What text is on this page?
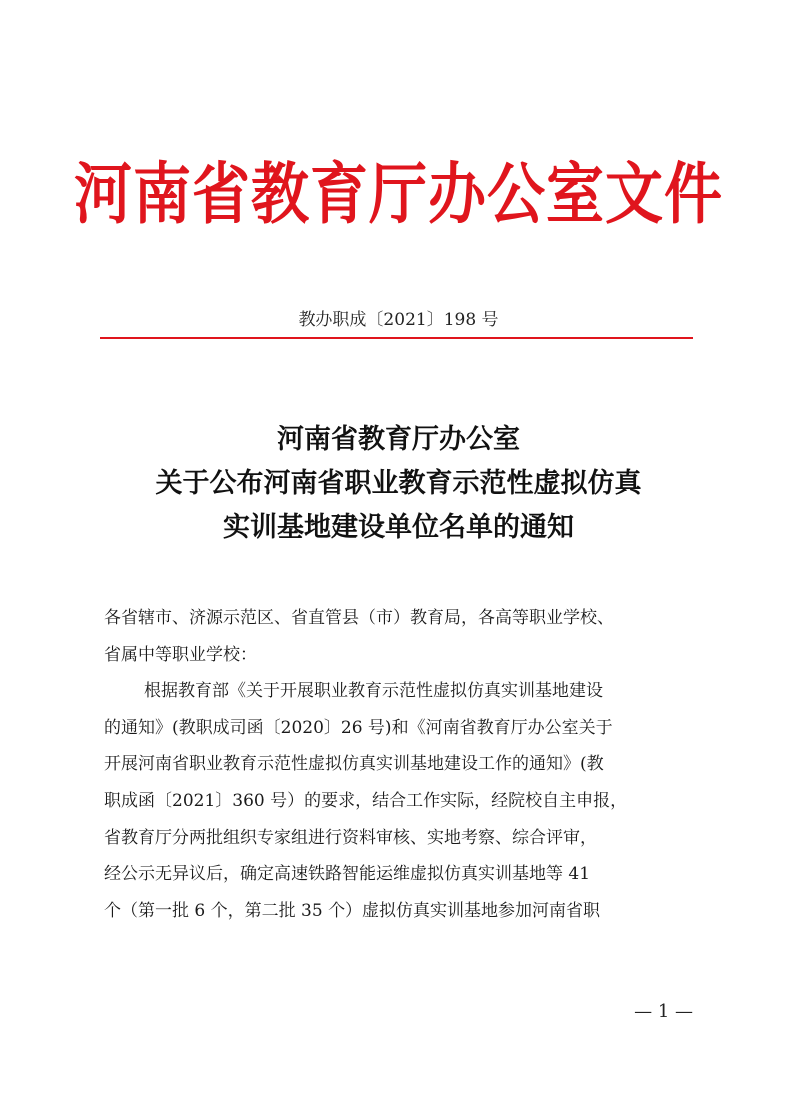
河南省教育厅办公室文件
教办职成〔2021〕198 号
河南省教育厅办公室
关于公布河南省职业教育示范性虚拟仿真
实训基地建设单位名单的通知
各省辖市、济源示范区、省直管县（市）教育局，各高等职业学校、
省属中等职业学校：
根据教育部《关于开展职业教育示范性虚拟仿真实训基地建设
的通知》(教职成司函〔2020〕26 号)和《河南省教育厅办公室关于
开展河南省职业教育示范性虚拟仿真实训基地建设工作的通知》(教
职成函〔2021〕360 号）的要求，结合工作实际，经院校自主申报，
省教育厅分两批组织专家组进行资料审核、实地考察、综合评审，
经公示无异议后，确定高速铁路智能运维虚拟仿真实训基地等 41
个（第一批 6 个，第二批 35 个）虚拟仿真实训基地参加河南省职
— 1 —
